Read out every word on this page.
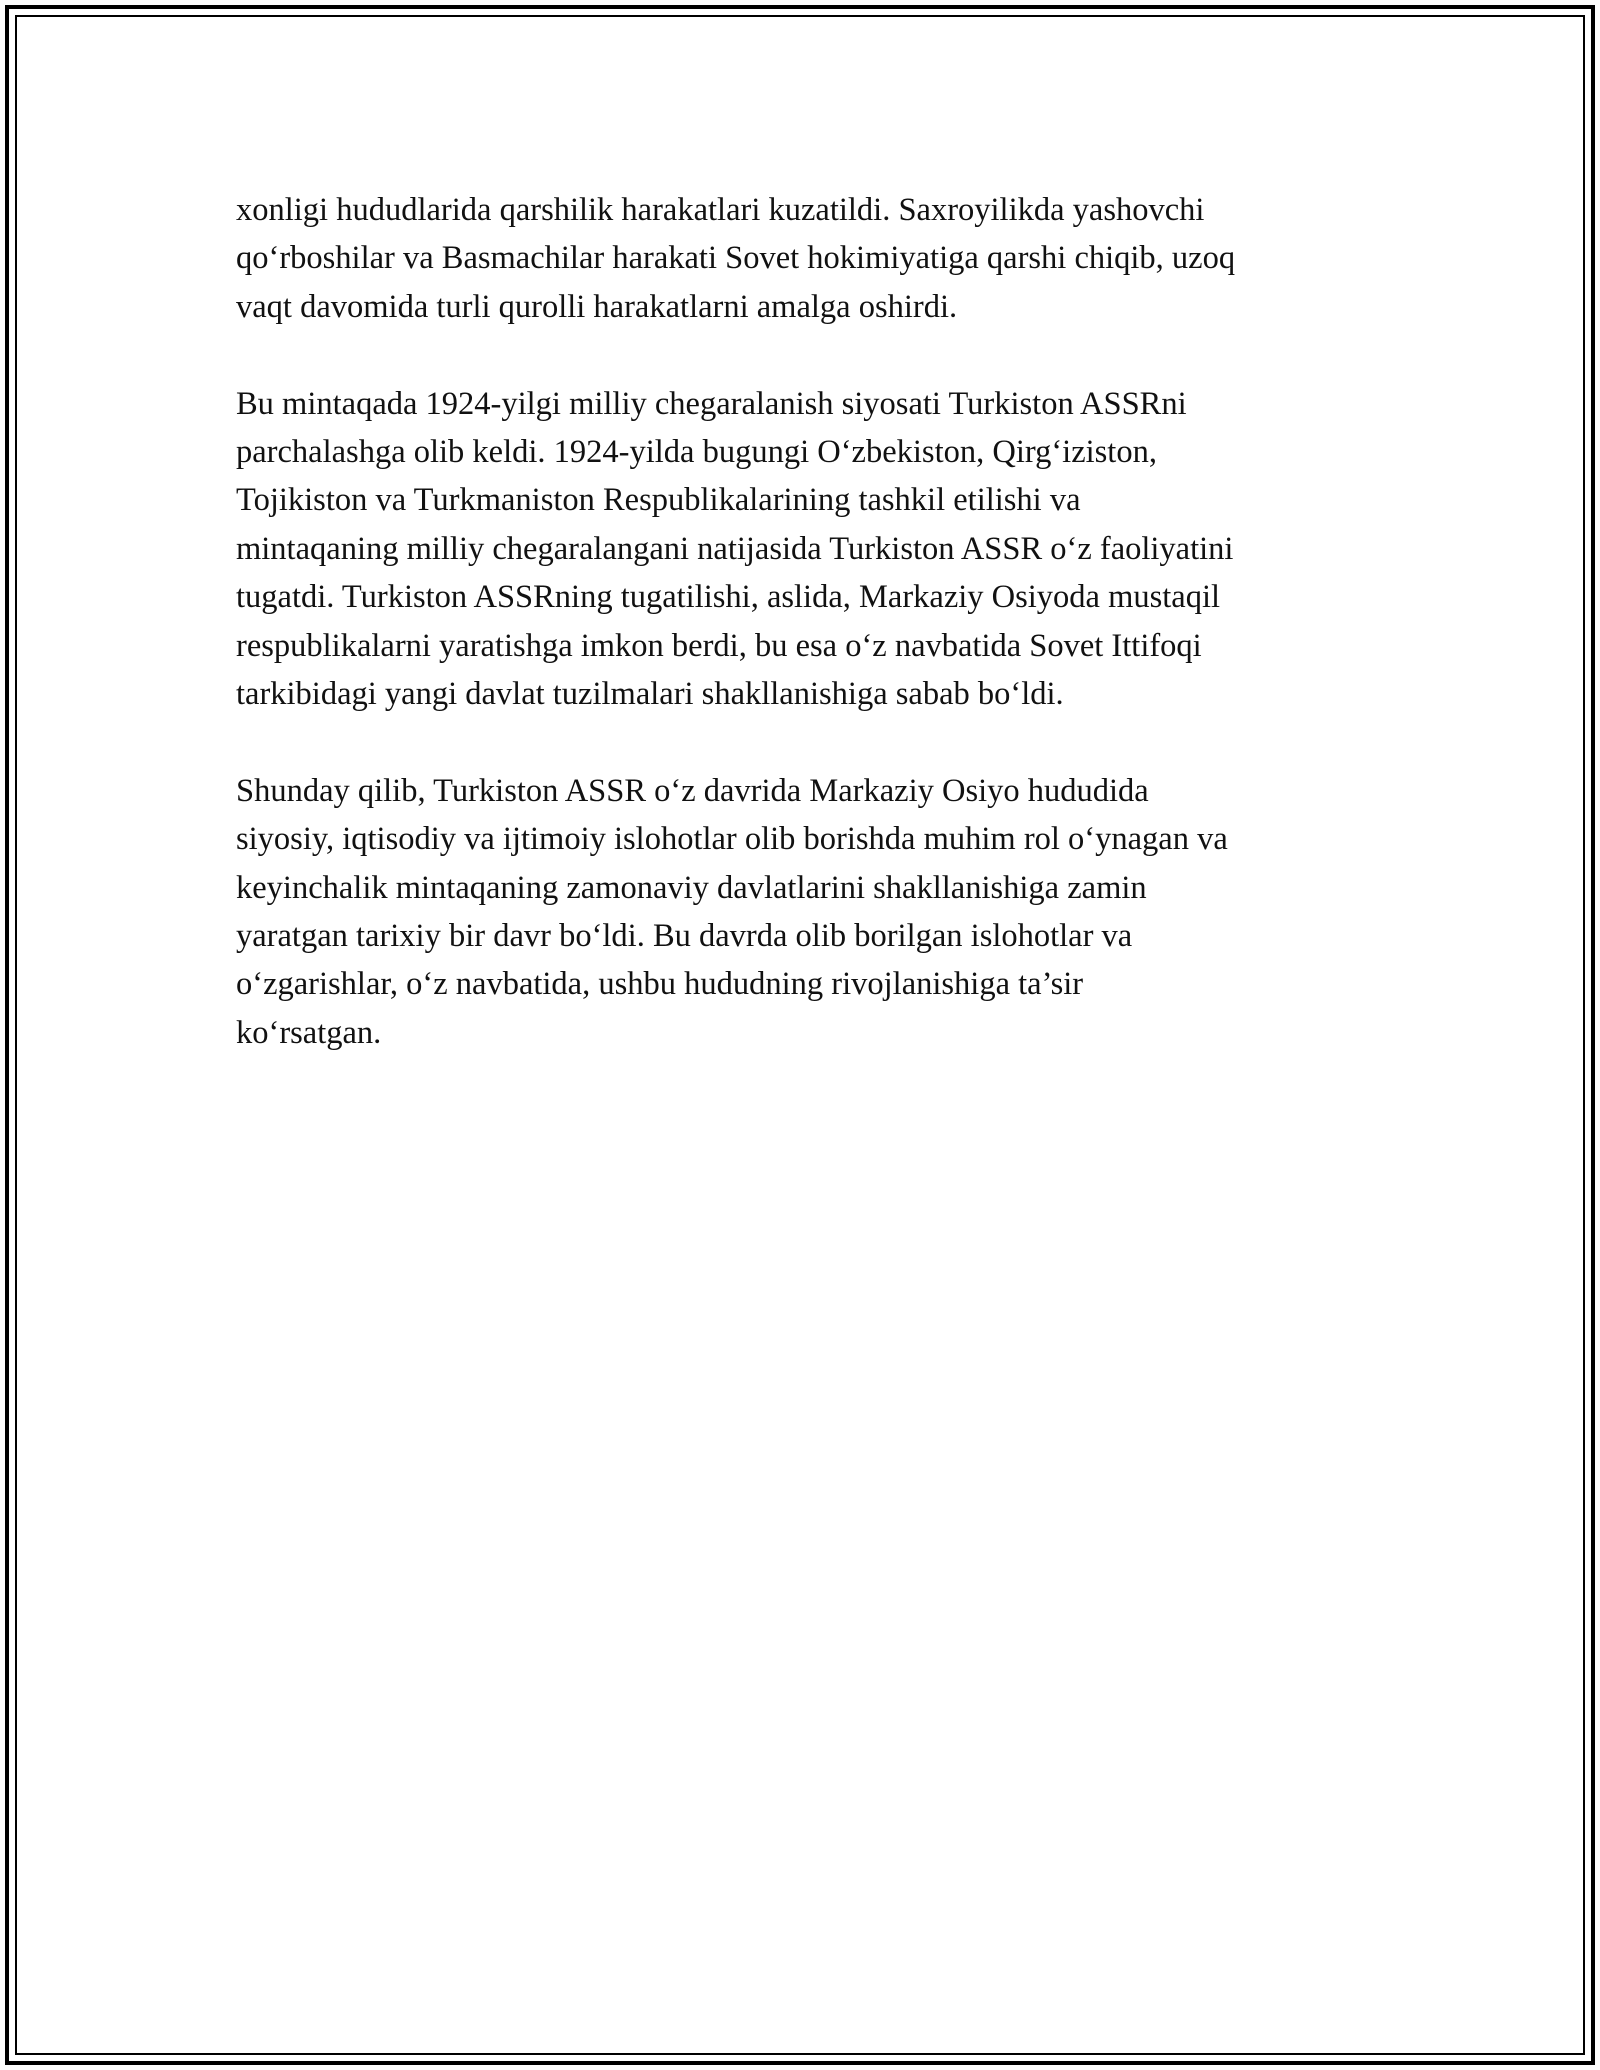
xonligi hududlarida qarshilik harakatlari kuzatildi. Saxroyilikda yashovchi
qo‘rboshilar va Basmachilar harakati Sovet hokimiyatiga qarshi chiqib, uzoq
vaqt davomida turli qurolli harakatlarni amalga oshirdi.
Bu mintaqada 1924-yilgi milliy chegaralanish siyosati Turkiston ASSRni
parchalashga olib keldi. 1924-yilda bugungi O‘zbekiston, Qirg‘iziston,
Tojikiston va Turkmaniston Respublikalarining tashkil etilishi va
mintaqaning milliy chegaralangani natijasida Turkiston ASSR o‘z faoliyatini
tugatdi. Turkiston ASSRning tugatilishi, aslida, Markaziy Osiyoda mustaqil
respublikalarni yaratishga imkon berdi, bu esa o‘z navbatida Sovet Ittifoqi
tarkibidagi yangi davlat tuzilmalari shakllanishiga sabab bo‘ldi.
Shunday qilib, Turkiston ASSR o‘z davrida Markaziy Osiyo hududida
siyosiy, iqtisodiy va ijtimoiy islohotlar olib borishda muhim rol o‘ynagan va
keyinchalik mintaqaning zamonaviy davlatlarini shakllanishiga zamin
yaratgan tarixiy bir davr bo‘ldi. Bu davrda olib borilgan islohotlar va
o‘zgarishlar, o‘z navbatida, ushbu hududning rivojlanishiga ta’sir
ko‘rsatgan.
